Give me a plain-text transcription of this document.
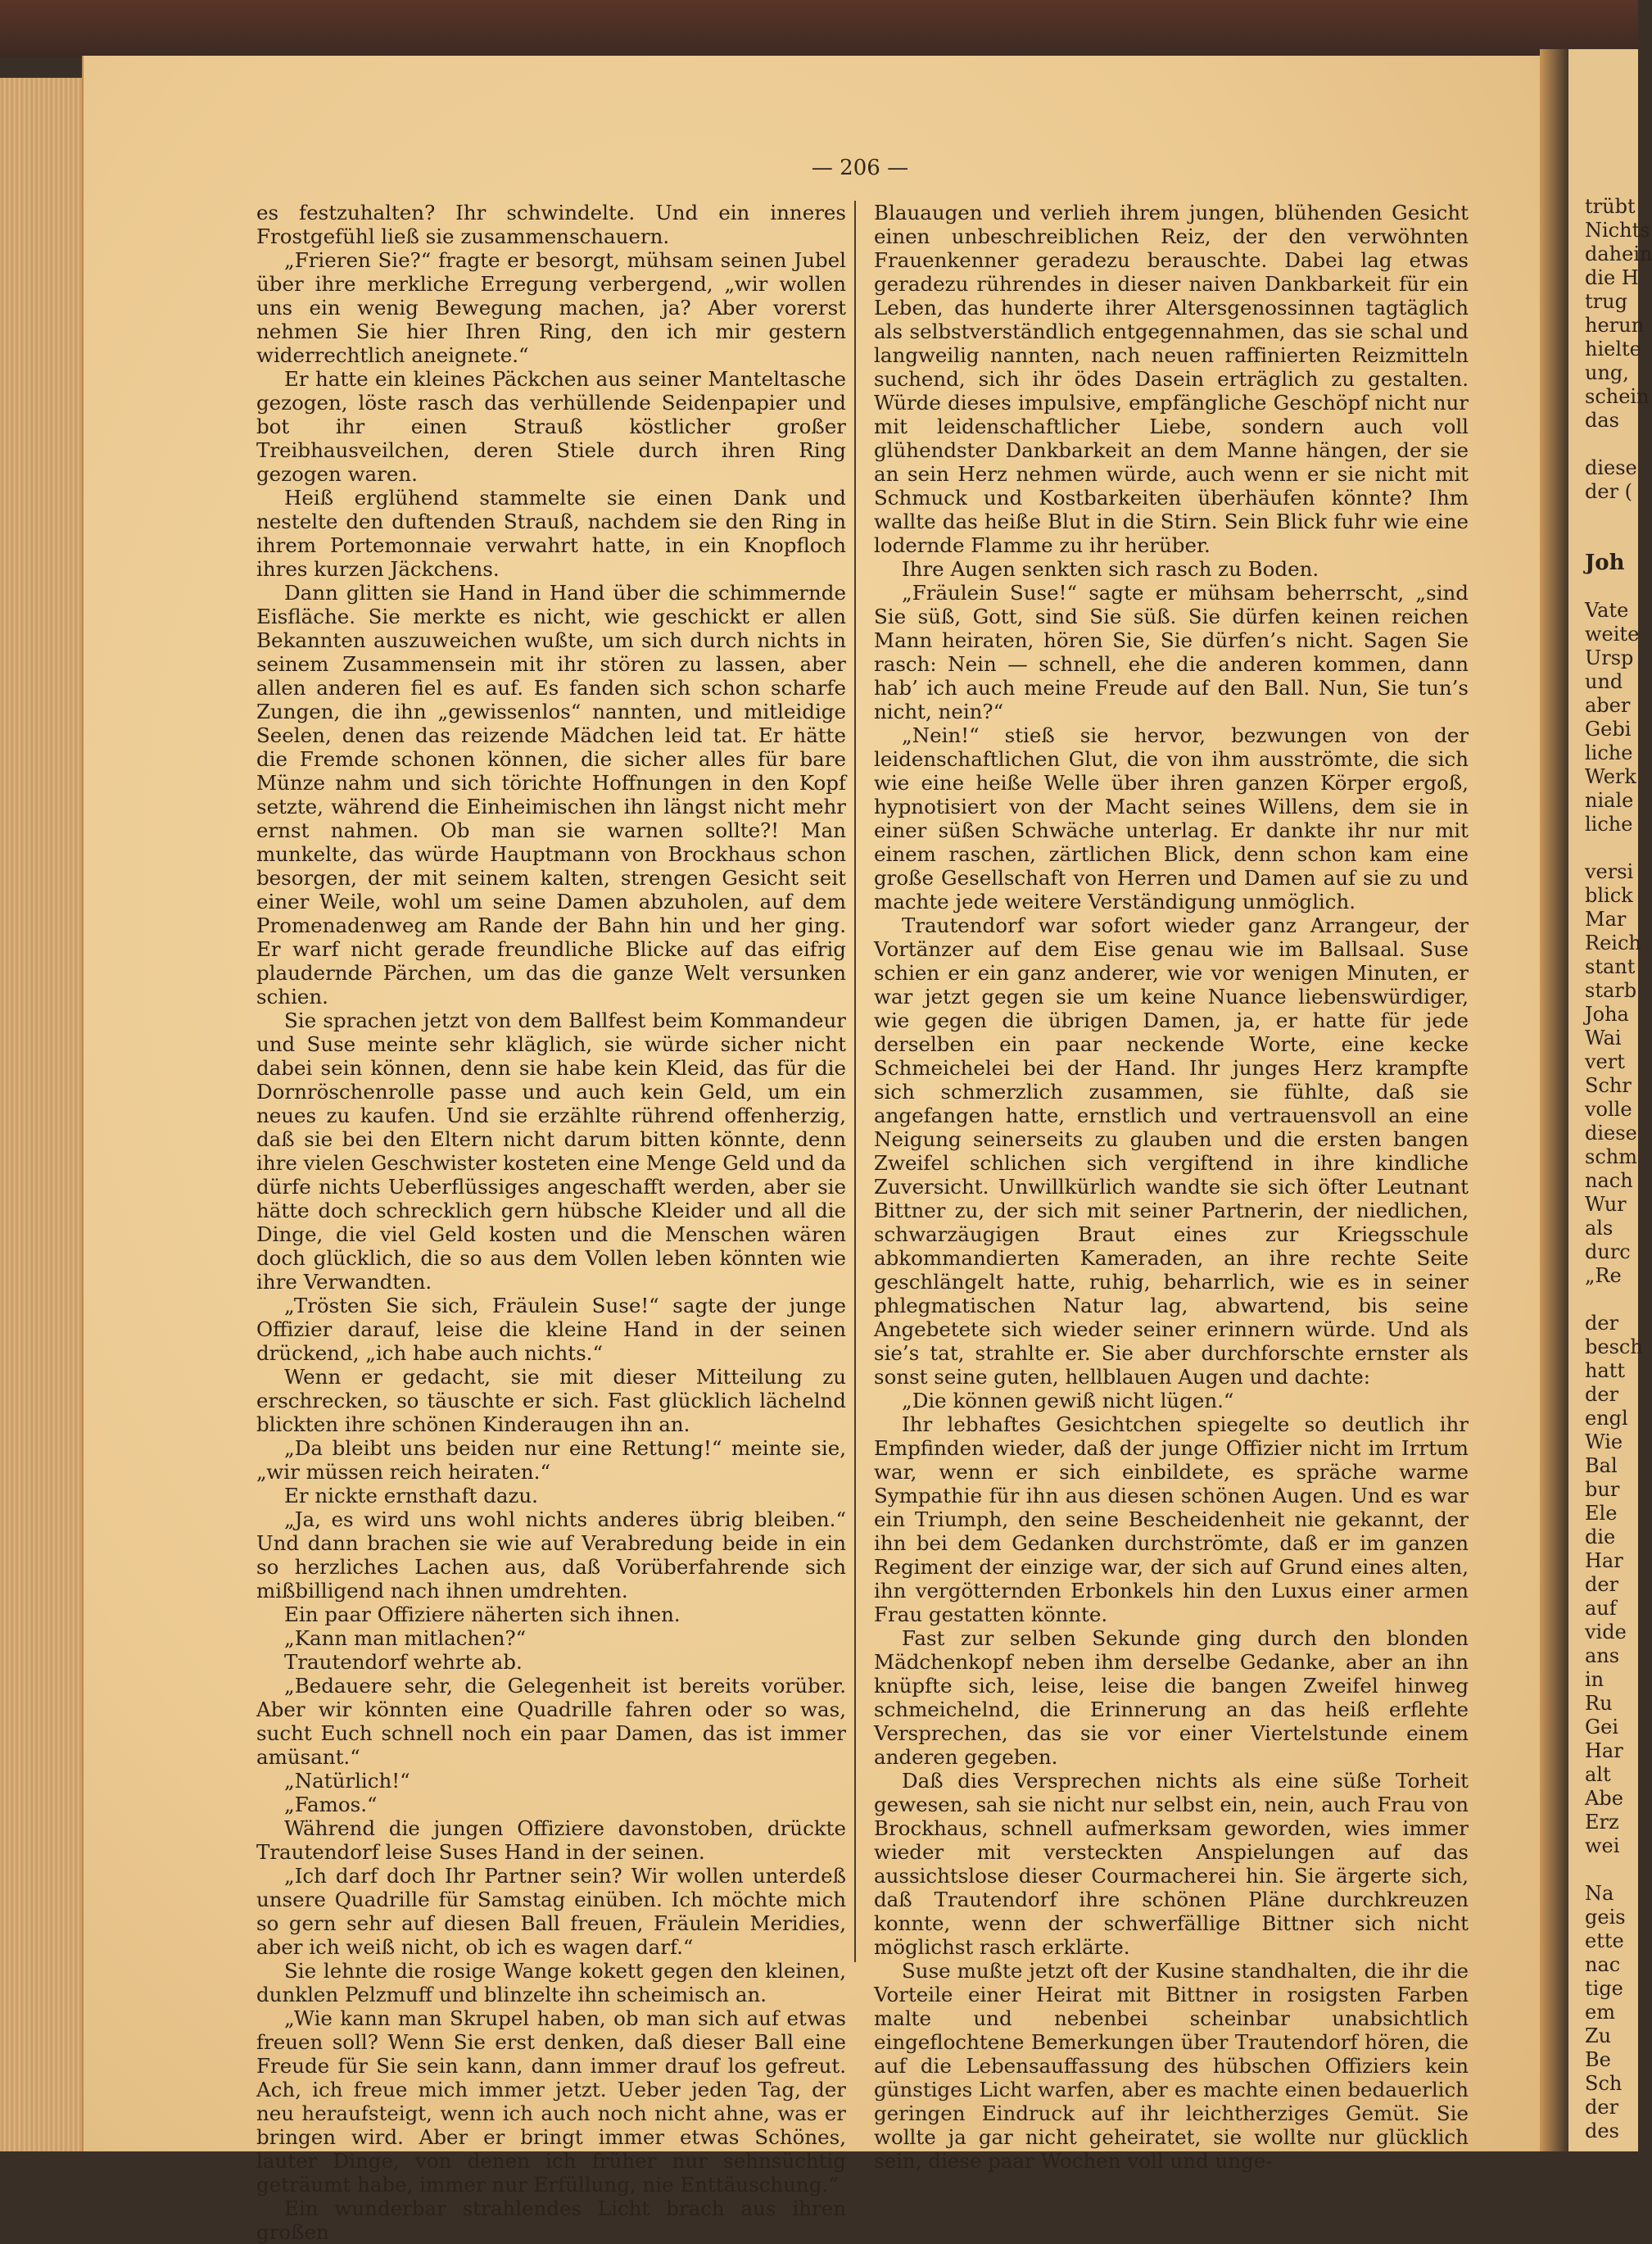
— 206 —

es festzuhalten? Ihr schwindelte. Und ein inneres Frostgefühl ließ sie zusammenschauern.

„Frieren Sie?“ fragte er besorgt, mühsam seinen Jubel über ihre merkliche Erregung verbergend, „wir wollen uns ein wenig Bewegung machen, ja? Aber vorerst nehmen Sie hier Ihren Ring, den ich mir gestern widerrechtlich aneignete.“

Er hatte ein kleines Päckchen aus seiner Manteltasche gezogen, löste rasch das verhüllende Seidenpapier und bot ihr einen Strauß köstlicher großer Treibhausveilchen, deren Stiele durch ihren Ring gezogen waren.

Heiß erglühend stammelte sie einen Dank und nestelte den duftenden Strauß, nachdem sie den Ring in ihrem Portemonnaie verwahrt hatte, in ein Knopfloch ihres kurzen Jäckchens.

Dann glitten sie Hand in Hand über die schimmernde Eisfläche. Sie merkte es nicht, wie geschickt er allen Bekannten auszuweichen wußte, um sich durch nichts in seinem Zusammensein mit ihr stören zu lassen, aber allen anderen fiel es auf. Es fanden sich schon scharfe Zungen, die ihn „gewissenlos“ nannten, und mitleidige Seelen, denen das reizende Mädchen leid tat. Er hätte die Fremde schonen können, die sicher alles für bare Münze nahm und sich törichte Hoffnungen in den Kopf setzte, während die Einheimischen ihn längst nicht mehr ernst nahmen. Ob man sie warnen sollte?! Man munkelte, das würde Hauptmann von Brockhaus schon besorgen, der mit seinem kalten, strengen Gesicht seit einer Weile, wohl um seine Damen abzuholen, auf dem Promenadenweg am Rande der Bahn hin und her ging. Er warf nicht gerade freundliche Blicke auf das eifrig plaudernde Pärchen, um das die ganze Welt versunken schien.

Sie sprachen jetzt von dem Ballfest beim Kommandeur und Suse meinte sehr kläglich, sie würde sicher nicht dabei sein können, denn sie habe kein Kleid, das für die Dornröschenrolle passe und auch kein Geld, um ein neues zu kaufen. Und sie erzählte rührend offenherzig, daß sie bei den Eltern nicht darum bitten könnte, denn ihre vielen Geschwister kosteten eine Menge Geld und da dürfe nichts Ueberflüssiges angeschafft werden, aber sie hätte doch schrecklich gern hübsche Kleider und all die Dinge, die viel Geld kosten und die Menschen wären doch glücklich, die so aus dem Vollen leben könnten wie ihre Verwandten.

„Trösten Sie sich, Fräulein Suse!“ sagte der junge Offizier darauf, leise die kleine Hand in der seinen drückend, „ich habe auch nichts.“

Wenn er gedacht, sie mit dieser Mitteilung zu erschrecken, so täuschte er sich. Fast glücklich lächelnd blickten ihre schönen Kinderaugen ihn an.

„Da bleibt uns beiden nur eine Rettung!“ meinte sie, „wir müssen reich heiraten.“

Er nickte ernsthaft dazu.

„Ja, es wird uns wohl nichts anderes übrig bleiben.“ Und dann brachen sie wie auf Verabredung beide in ein so herzliches Lachen aus, daß Vorüberfahrende sich mißbilligend nach ihnen umdrehten.

Ein paar Offiziere näherten sich ihnen.

„Kann man mitlachen?“

Trautendorf wehrte ab.

„Bedauere sehr, die Gelegenheit ist bereits vorüber. Aber wir könnten eine Quadrille fahren oder so was, sucht Euch schnell noch ein paar Damen, das ist immer amüsant.“

„Natürlich!“

„Famos.“

Während die jungen Offiziere davonstoben, drückte Trautendorf leise Suses Hand in der seinen.

„Ich darf doch Ihr Partner sein? Wir wollen unterdeß unsere Quadrille für Samstag einüben. Ich möchte mich so gern sehr auf diesen Ball freuen, Fräulein Meridies, aber ich weiß nicht, ob ich es wagen darf.“

Sie lehnte die rosige Wange kokett gegen den kleinen, dunklen Pelzmuff und blinzelte ihn scheimisch an.

„Wie kann man Skrupel haben, ob man sich auf etwas freuen soll? Wenn Sie erst denken, daß dieser Ball eine Freude für Sie sein kann, dann immer drauf los gefreut. Ach, ich freue mich immer jetzt. Ueber jeden Tag, der neu heraufsteigt, wenn ich auch noch nicht ahne, was er bringen wird. Aber er bringt immer etwas Schönes, lauter Dinge, von denen ich früher nur sehnsüchtig geträumt habe, immer nur Erfüllung, nie Enttäuschung.“

Ein wunderbar strahlendes Licht brach aus ihren großen

Blauaugen und verlieh ihrem jungen, blühenden Gesicht einen unbeschreiblichen Reiz, der den verwöhnten Frauenkenner geradezu berauschte. Dabei lag etwas geradezu rührendes in dieser naiven Dankbarkeit für ein Leben, das hunderte ihrer Altersgenossinnen tagtäglich als selbstverständlich entgegennahmen, das sie schal und langweilig nannten, nach neuen raffinierten Reizmitteln suchend, sich ihr ödes Dasein erträglich zu gestalten. Würde dieses impulsive, empfängliche Geschöpf nicht nur mit leidenschaftlicher Liebe, sondern auch voll glühendster Dankbarkeit an dem Manne hängen, der sie an sein Herz nehmen würde, auch wenn er sie nicht mit Schmuck und Kostbarkeiten überhäufen könnte? Ihm wallte das heiße Blut in die Stirn. Sein Blick fuhr wie eine lodernde Flamme zu ihr herüber.

Ihre Augen senkten sich rasch zu Boden.

„Fräulein Suse!“ sagte er mühsam beherrscht, „sind Sie süß, Gott, sind Sie süß. Sie dürfen keinen reichen Mann heiraten, hören Sie, Sie dürfen’s nicht. Sagen Sie rasch: Nein — schnell, ehe die anderen kommen, dann hab’ ich auch meine Freude auf den Ball. Nun, Sie tun’s nicht, nein?“

„Nein!“ stieß sie hervor, bezwungen von der leidenschaftlichen Glut, die von ihm ausströmte, die sich wie eine heiße Welle über ihren ganzen Körper ergoß, hypnotisiert von der Macht seines Willens, dem sie in einer süßen Schwäche unterlag. Er dankte ihr nur mit einem raschen, zärtlichen Blick, denn schon kam eine große Gesellschaft von Herren und Damen auf sie zu und machte jede weitere Verständigung unmöglich.

Trautendorf war sofort wieder ganz Arrangeur, der Vortänzer auf dem Eise genau wie im Ballsaal. Suse schien er ein ganz anderer, wie vor wenigen Minuten, er war jetzt gegen sie um keine Nuance liebenswürdiger, wie gegen die übrigen Damen, ja, er hatte für jede derselben ein paar neckende Worte, eine kecke Schmeichelei bei der Hand. Ihr junges Herz krampfte sich schmerzlich zusammen, sie fühlte, daß sie angefangen hatte, ernstlich und vertrauensvoll an eine Neigung seinerseits zu glauben und die ersten bangen Zweifel schlichen sich vergiftend in ihre kindliche Zuversicht. Unwillkürlich wandte sie sich öfter Leutnant Bittner zu, der sich mit seiner Partnerin, der niedlichen, schwarzäugigen Braut eines zur Kriegsschule abkommandierten Kameraden, an ihre rechte Seite geschlängelt hatte, ruhig, beharrlich, wie es in seiner phlegmatischen Natur lag, abwartend, bis seine Angebetete sich wieder seiner erinnern würde. Und als sie’s tat, strahlte er. Sie aber durchforschte ernster als sonst seine guten, hellblauen Augen und dachte:

„Die können gewiß nicht lügen.“

Ihr lebhaftes Gesichtchen spiegelte so deutlich ihr Empfinden wieder, daß der junge Offizier nicht im Irrtum war, wenn er sich einbildete, es spräche warme Sympathie für ihn aus diesen schönen Augen. Und es war ein Triumph, den seine Bescheidenheit nie gekannt, der ihn bei dem Gedanken durchströmte, daß er im ganzen Regiment der einzige war, der sich auf Grund eines alten, ihn vergötternden Erbonkels hin den Luxus einer armen Frau gestatten könnte.

Fast zur selben Sekunde ging durch den blonden Mädchenkopf neben ihm derselbe Gedanke, aber an ihn knüpfte sich, leise, leise die bangen Zweifel hinweg schmeichelnd, die Erinnerung an das heiß erflehte Versprechen, das sie vor einer Viertelstunde einem anderen gegeben.

Daß dies Versprechen nichts als eine süße Torheit gewesen, sah sie nicht nur selbst ein, nein, auch Frau von Brockhaus, schnell aufmerksam geworden, wies immer wieder mit versteckten Anspielungen auf das aussichtslose dieser Courmacherei hin. Sie ärgerte sich, daß Trautendorf ihre schönen Pläne durchkreuzen konnte, wenn der schwerfällige Bittner sich nicht möglichst rasch erklärte.

Suse mußte jetzt oft der Kusine standhalten, die ihr die Vorteile einer Heirat mit Bittner in rosigsten Farben malte und nebenbei scheinbar unabsichtlich eingeflochtene Bemerkungen über Trautendorf hören, die auf die Lebensauffassung des hübschen Offiziers kein günstiges Licht warfen, aber es machte einen bedauerlich geringen Eindruck auf ihr leichtherziges Gemüt. Sie wollte ja gar nicht geheiratet, sie wollte nur glücklich sein, diese paar Wochen voll und unge-

trübt
Nichts
dahein
die H
trug
herun
hielte
ung,
schein
das
diese
der (
Joh
Vate
weite
Ursp
und
aber
Gebi
liche
Werk
niale
liche
versi
blick
Mar
Reich
stant
starb
Joha
Wai
vert
Schr
volle
diese
schm
nach
Wur
als
durc
„Re
der
besch
hatt
der
engl
Wie
Bal
bur
Ele
die
Har
der
auf
vide
ans
in
Ru
Gei
Har
alt
Abe
Erz
wei
Na
geis
ette
nac
tige
em
Zu
Be
Sch
der
des
